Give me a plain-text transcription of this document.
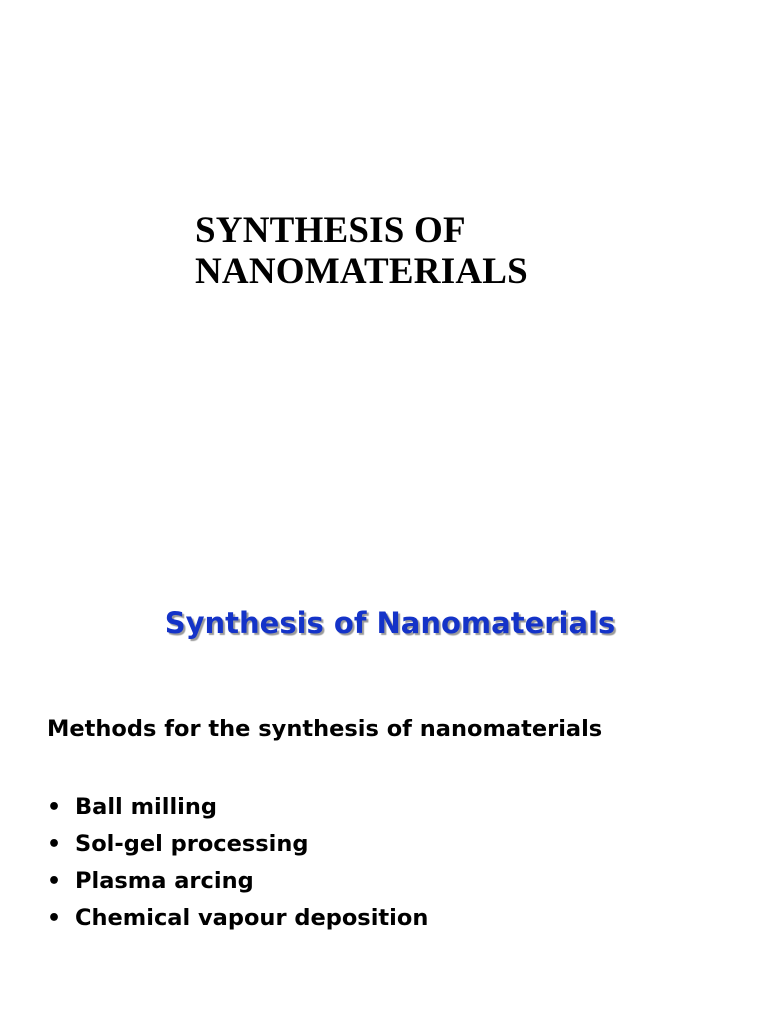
SYNTHESIS OF
NANOMATERIALS
Synthesis of Nanomaterials

Methods for the synthesis of nanomaterials

• Ball milling
• Sol-gel processing
• Plasma arcing
• Chemical vapour deposition
